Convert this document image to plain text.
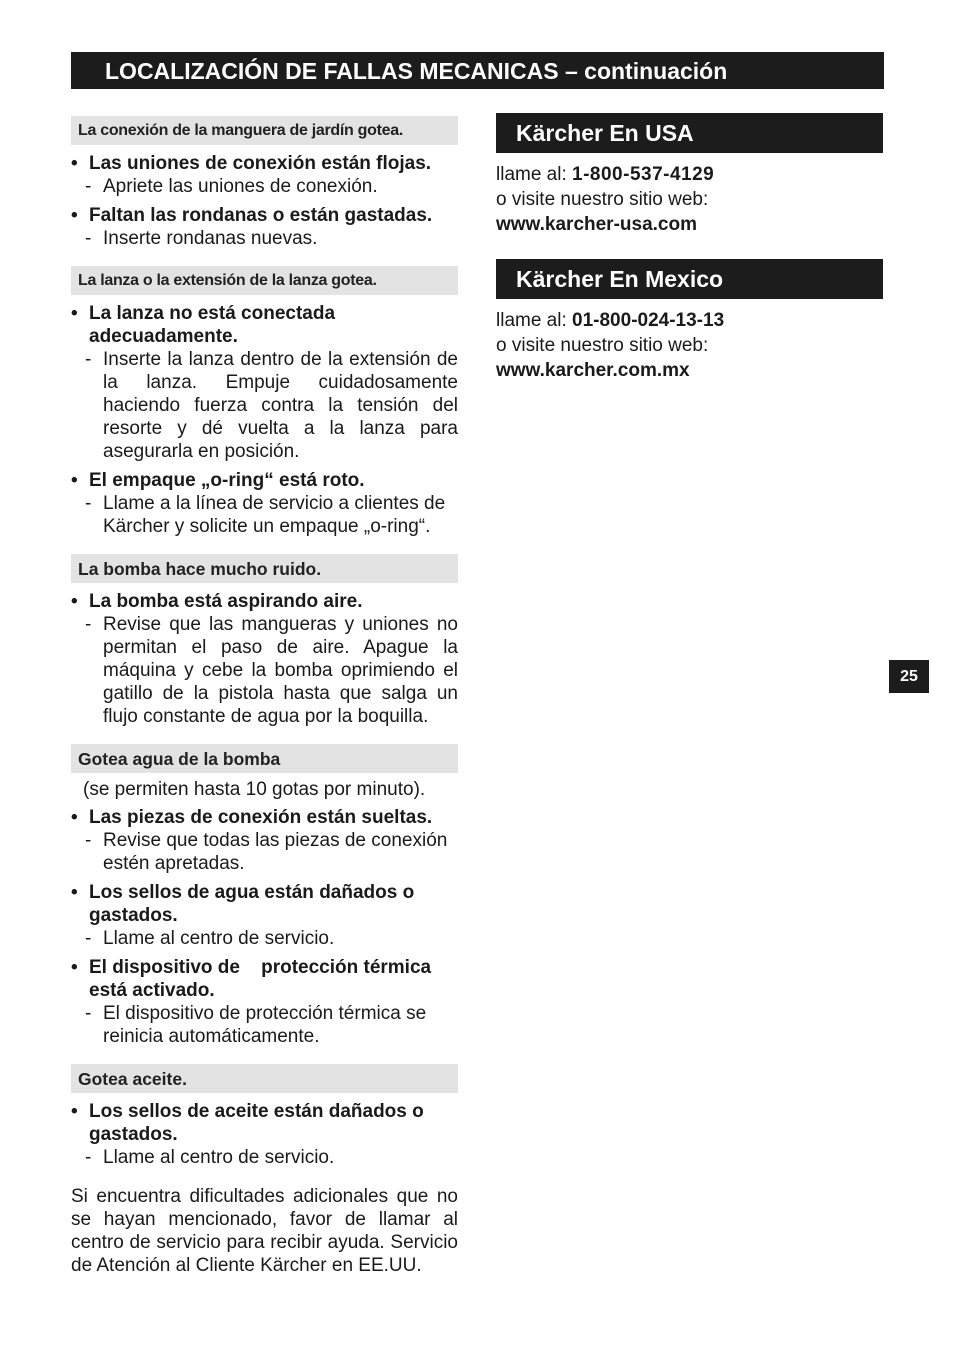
LOCALIZACIÓN DE FALLAS MECANICAS – continuación
La conexión de la manguera de jardín gotea.
• Las uniones de conexión están flojas.
- Apriete las uniones de conexión.
• Faltan las rondanas o están gastadas.
- Inserte rondanas nuevas.
La lanza o la extensión de la lanza gotea.
• La lanza no está conectada adecuadamente.
- Inserte la lanza dentro de la extensión de la lanza. Empuje cuidadosamente haciendo fuerza contra la tensión del resorte y dé vuelta a la lanza para asegurarla en posición.
• El empaque „o-ring“ está roto.
- Llame a la línea de servicio a clientes de Kärcher y solicite un empaque „o-ring“.
La bomba hace mucho ruido.
• La bomba está aspirando aire.
- Revise que las mangueras y uniones no permitan el paso de aire. Apague la máquina y cebe la bomba oprimiendo el gatillo de la pistola hasta que salga un flujo constante de agua por la boquilla.
Gotea agua de la bomba
(se permiten hasta 10 gotas por minuto).
• Las piezas de conexión están sueltas.
- Revise que todas las piezas de conexión estén apretadas.
• Los sellos de agua están dañados o gastados.
- Llame al centro de servicio.
• El dispositivo de    protección térmica está activado.
- El dispositivo de protección térmica se reinicia automáticamente.
Gotea aceite.
• Los sellos de aceite están dañados o gastados.
- Llame al centro de servicio.
Si encuentra dificultades adicionales que no se hayan mencionado, favor de llamar al centro de servicio para recibir ayuda. Servicio de Atención al Cliente Kärcher en EE.UU.
Kärcher En USA
llame al: 1-800-537-4129
o visite nuestro sitio web:
www.karcher-usa.com
Kärcher En Mexico
llame al: 01-800-024-13-13
o visite nuestro sitio web:
www.karcher.com.mx
25
